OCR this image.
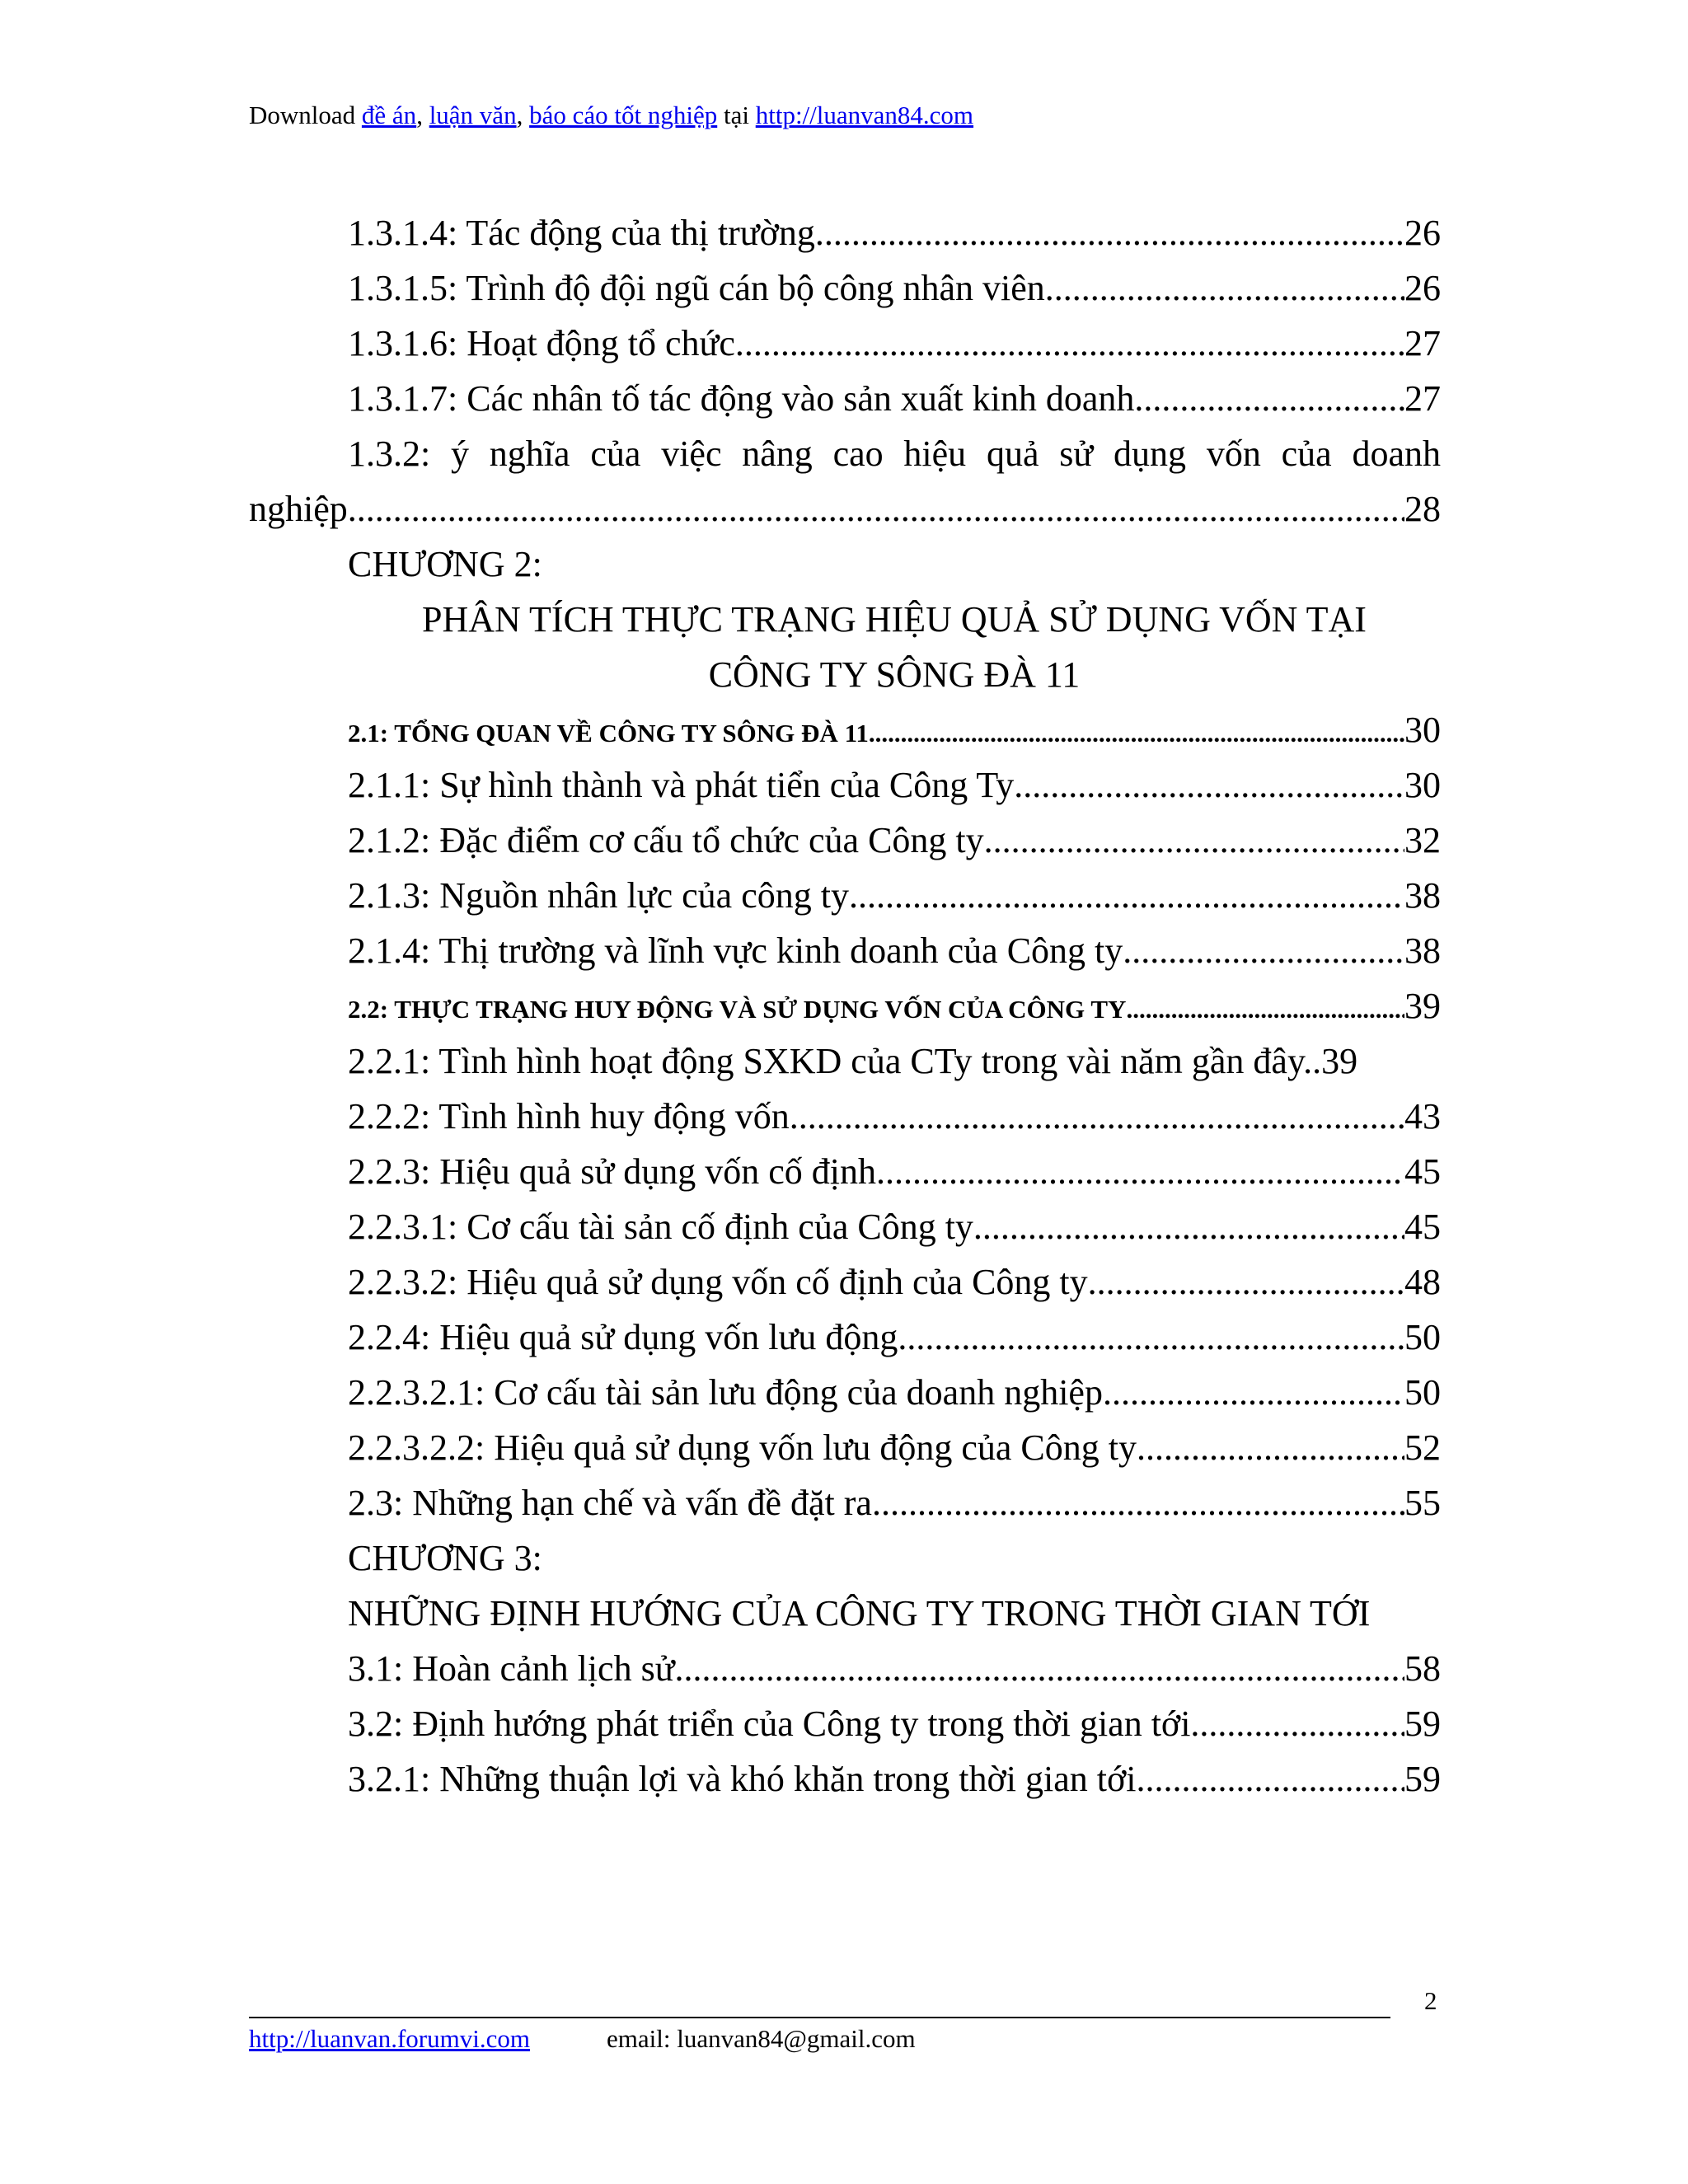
Download đề án, luận văn, báo cáo tốt nghiệp tại http://luanvan84.com
1.3.1.4: Tác động của thị trường .....	26
1.3.1.5: Trình độ đội ngũ cán bộ công nhân viên .....	26
1.3.1.6: Hoạt động tổ chức .....	27
1.3.1.7: Các nhân tố tác động vào sản xuất kinh doanh .....	27
1.3.2: ý nghĩa của việc nâng cao hiệu quả sử dụng vốn của doanh
nghiệp .....	28
CHƯƠNG 2:
PHÂN TÍCH THỰC TRẠNG HIỆU QUẢ SỬ DỤNG VỐN TẠI
CÔNG TY SÔNG ĐÀ 11
2.1: TỔNG QUAN VỀ CÔNG TY SÔNG ĐÀ 11 .....	30
2.1.1: Sự hình thành và phát tiển của Công Ty .....	30
2.1.2: Đặc điểm cơ cấu tổ chức của Công ty .....	32
2.1.3: Nguồn nhân lực của công ty .....	38
2.1.4: Thị trường và lĩnh vực kinh doanh của Công ty .....	38
2.2: THỰC TRẠNG HUY ĐỘNG VÀ SỬ DỤNG VỐN CỦA CÔNG TY .....	39
2.2.1: Tình hình hoạt động SXKD của CTy trong vài năm gần đây..39
2.2.2: Tình hình huy động vốn .....	43
2.2.3: Hiệu quả sử dụng vốn cố định .....	45
2.2.3.1: Cơ cấu tài sản cố định của Công ty .....	45
2.2.3.2: Hiệu quả sử dụng vốn cố định của Công ty .....	48
2.2.4: Hiệu quả sử dụng vốn lưu động .....	50
2.2.3.2.1: Cơ cấu tài sản lưu động của doanh nghiệp .....	50
2.2.3.2.2: Hiệu quả sử dụng vốn lưu động của Công ty .....	52
2.3: Những hạn chế và vấn đề đặt ra .....	55
CHƯƠNG 3:
NHỮNG ĐỊNH HƯỚNG CỦA CÔNG TY TRONG THỜI GIAN TỚI
3.1: Hoàn cảnh lịch sử .....	58
3.2: Định hướng phát triển của Công ty trong thời gian tới .....	59
3.2.1: Những thuận lợi và khó khăn trong thời gian tới .....	59
2
http://luanvan.forumvi.com	email: luanvan84@gmail.com
